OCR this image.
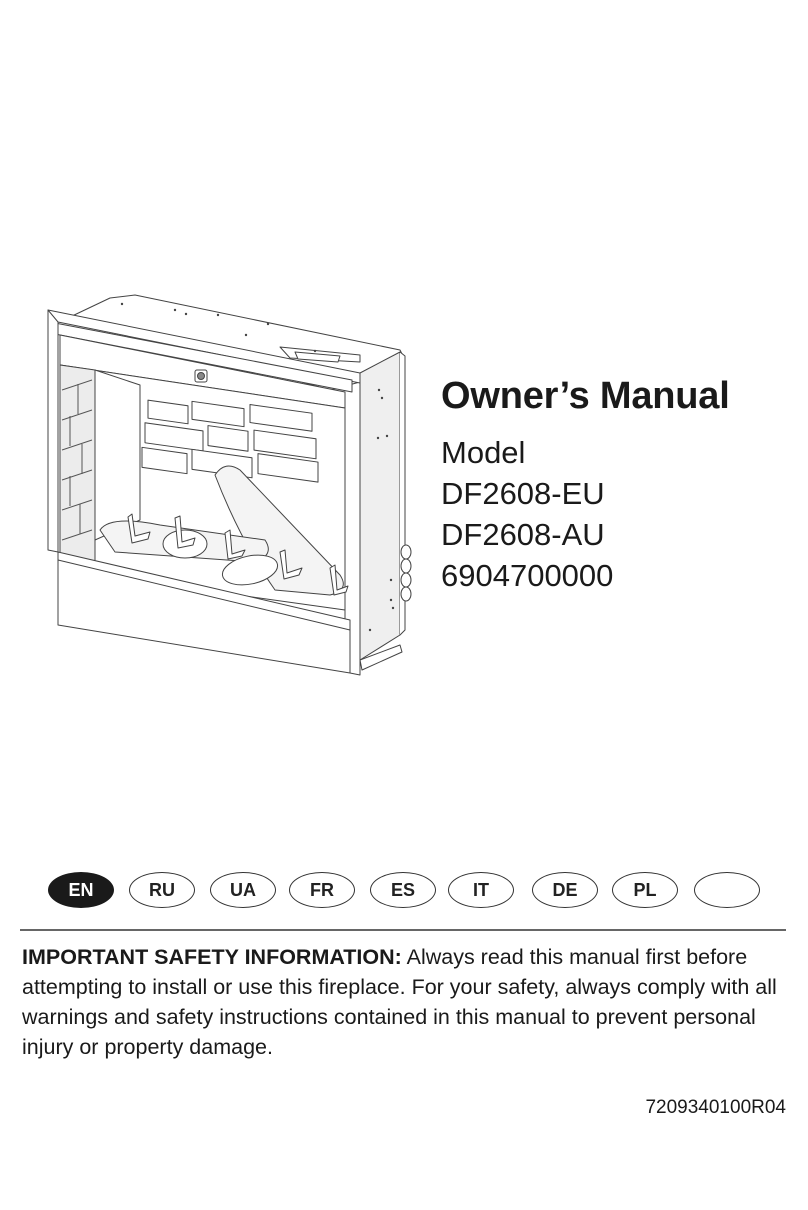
Owner’s Manual

Model

DF2608-EU

DF2608-AU

6904700000

EN	RU	UA	FR	ES	IT	DE	PL

IMPORTANT SAFETY INFORMATION: Always read this manual first before attempting to install or use this fireplace. For your safety, always comply with all warnings and safety instructions contained in this manual to prevent personal injury or property damage.

7209340100R04
